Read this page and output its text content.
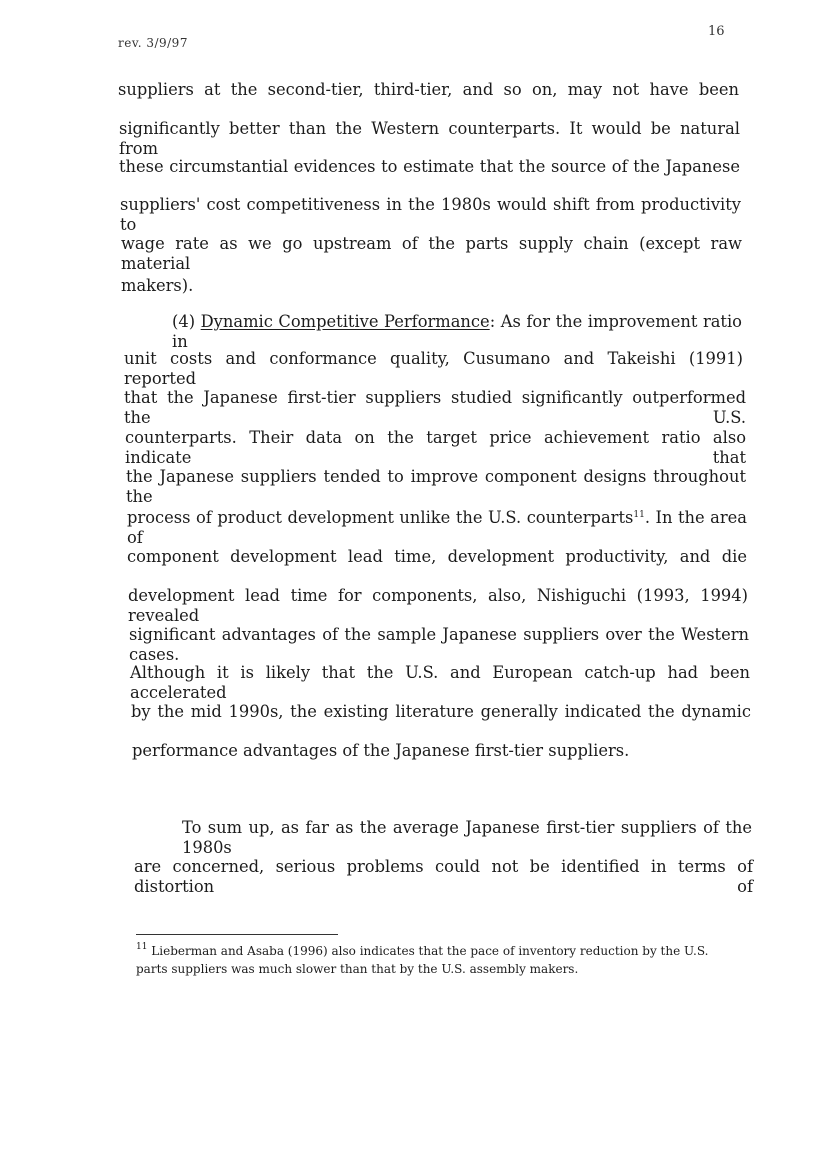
rev. 3/9/97
16
suppliers at the second-tier, third-tier, and so on, may not have been
significantly better than the Western counterparts. It would be natural from
these circumstantial evidences to estimate that the source of the Japanese
suppliers' cost competitiveness in the 1980s would shift from productivity to
wage rate as we go upstream of the parts supply chain (except raw material
makers).
(4) Dynamic Competitive Performance: As for the improvement ratio in
unit costs and conformance quality, Cusumano and Takeishi (1991) reported
that the Japanese first-tier suppliers studied significantly outperformed the U.S.
counterparts. Their data on the target price achievement ratio also indicate that
the Japanese suppliers tended to improve component designs throughout the
process of product development unlike the U.S. counterparts$^{11}$. In the area of
component development lead time, development productivity, and die
development lead time for components, also, Nishiguchi (1993, 1994) revealed
significant advantages of the sample Japanese suppliers over the Western cases.
Although it is likely that the U.S. and European catch-up had been accelerated
by the mid 1990s, the existing literature generally indicated the dynamic
performance advantages of the Japanese first-tier suppliers.
To sum up, as far as the average Japanese first-tier suppliers of the 1980s
are concerned, serious problems could not be identified in terms of distortion of
$^{11}$ Lieberman and Asaba (1996) also indicates that the pace of inventory reduction by the U.S.
parts suppliers was much slower than that by the U.S. assembly makers.
